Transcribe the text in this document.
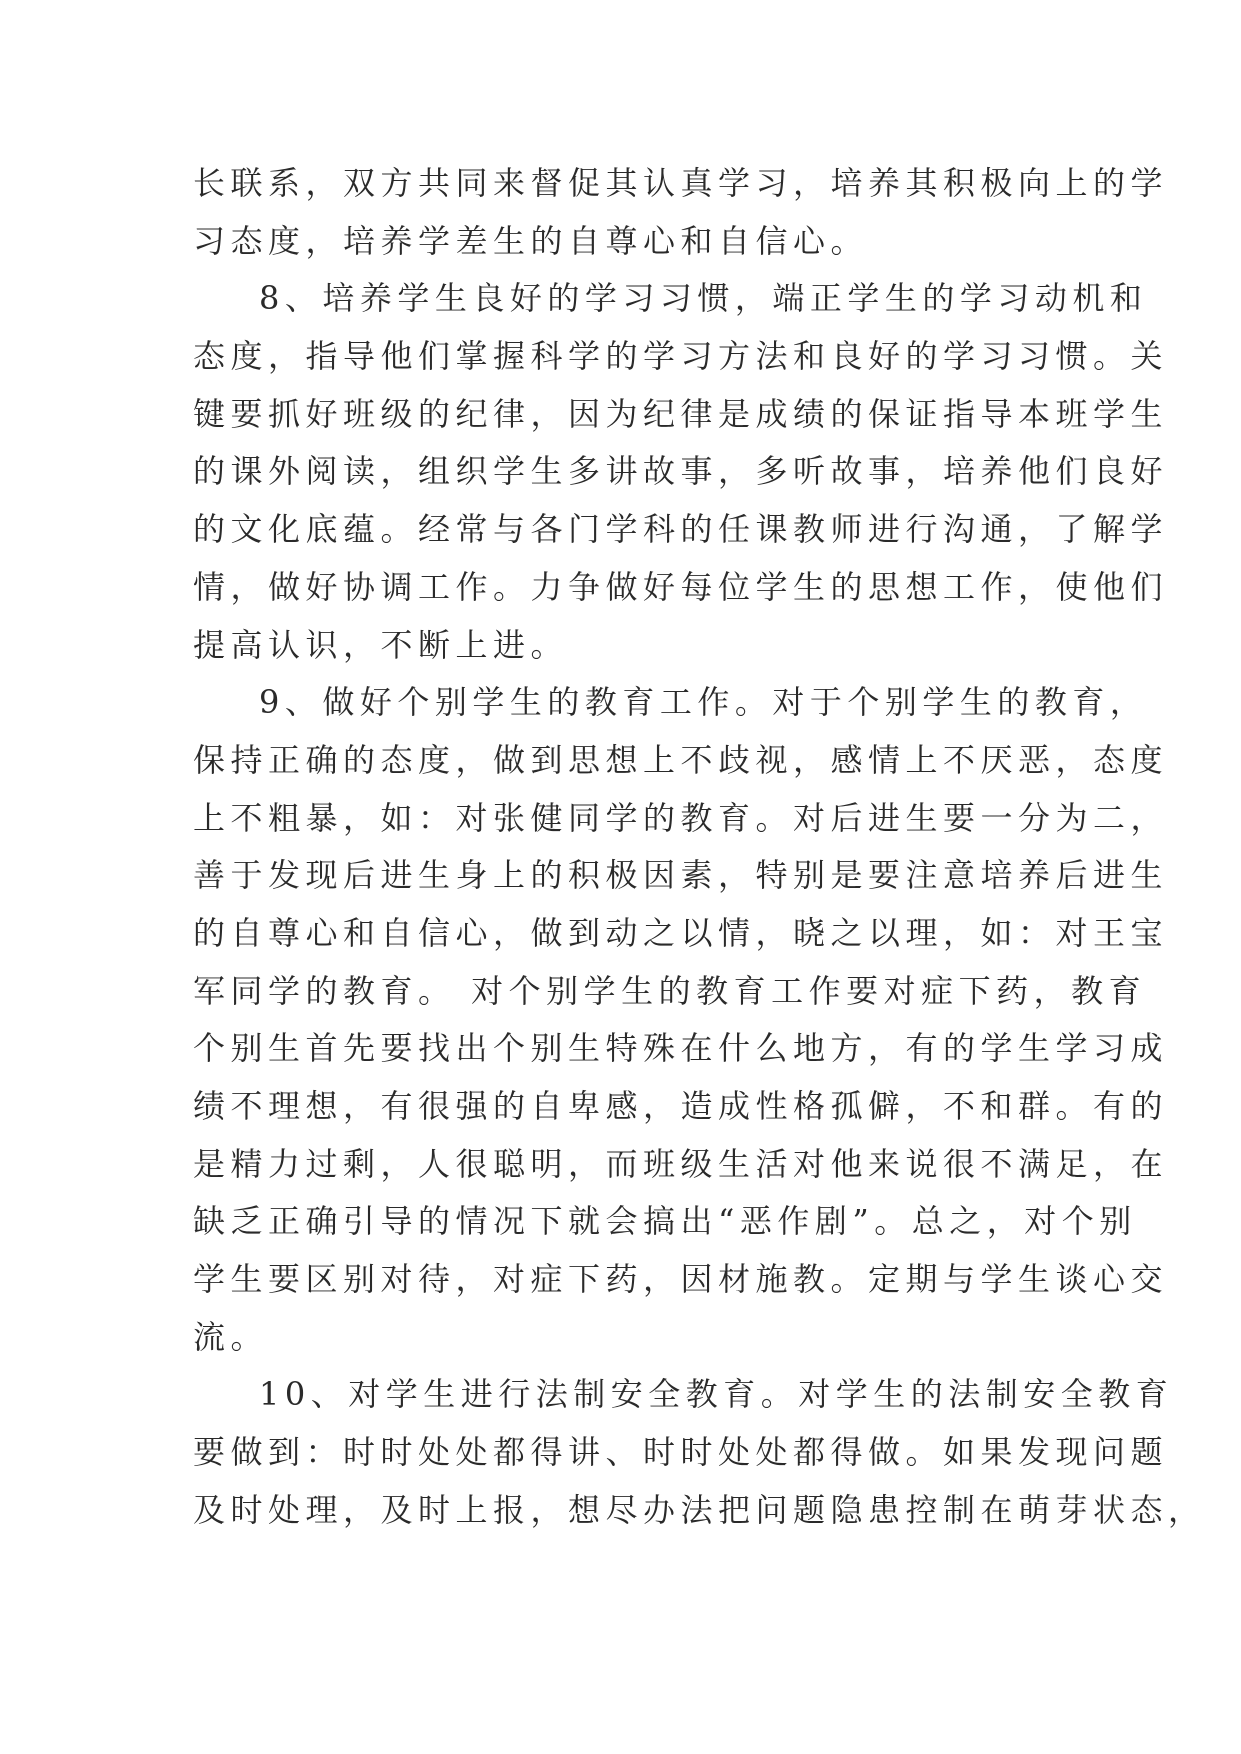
长联系，双方共同来督促其认真学习，培养其积极向上的学
习态度，培养学差生的自尊心和自信心。
8、培养学生良好的学习习惯，端正学生的学习动机和
态度，指导他们掌握科学的学习方法和良好的学习习惯。关
键要抓好班级的纪律，因为纪律是成绩的保证指导本班学生
的课外阅读，组织学生多讲故事，多听故事，培养他们良好
的文化底蕴。经常与各门学科的任课教师进行沟通，了解学
情，做好协调工作。力争做好每位学生的思想工作，使他们
提高认识，不断上进。
9、做好个别学生的教育工作。对于个别学生的教育，
保持正确的态度，做到思想上不歧视，感情上不厌恶，态度
上不粗暴，如：对张健同学的教育。对后进生要一分为二，
善于发现后进生身上的积极因素，特别是要注意培养后进生
的自尊心和自信心，做到动之以情，晓之以理，如：对王宝
军同学的教育。 对个别学生的教育工作要对症下药，教育
个别生首先要找出个别生特殊在什么地方，有的学生学习成
绩不理想，有很强的自卑感，造成性格孤僻，不和群。有的
是精力过剩，人很聪明，而班级生活对他来说很不满足，在
缺乏正确引导的情况下就会搞出“恶作剧”。总之，对个别
学生要区别对待，对症下药，因材施教。定期与学生谈心交
流。
10、对学生进行法制安全教育。对学生的法制安全教育
要做到：时时处处都得讲、时时处处都得做。如果发现问题
及时处理，及时上报，想尽办法把问题隐患控制在萌芽状态，
